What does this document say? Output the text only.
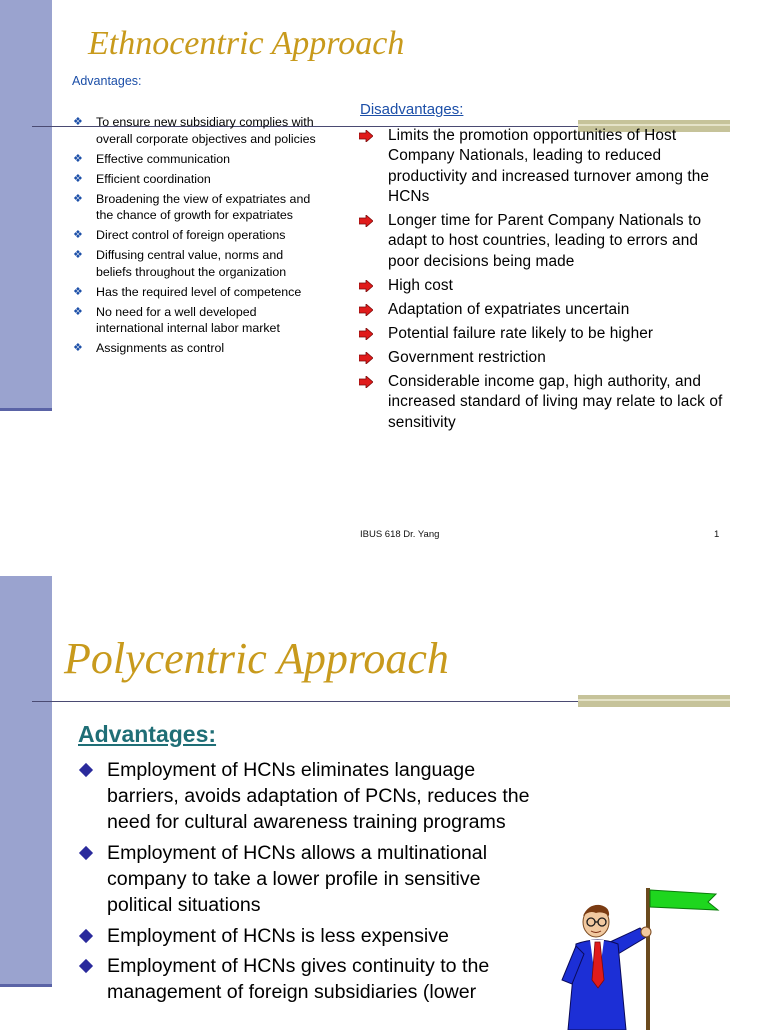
Ethnocentric Approach
Advantages:
❖ To ensure new subsidiary complies with overall corporate objectives and policies
❖ Effective communication
❖ Efficient coordination
❖ Broadening the view of expatriates and the chance of growth for expatriates
❖ Direct control of foreign operations
❖ Diffusing central value, norms and beliefs throughout the organization
❖ Has the required level of competence
❖ No need for a well developed international internal labor market
❖ Assignments as control
Disadvantages:
Limits the promotion opportunities of Host Company Nationals, leading to reduced productivity and increased turnover among the HCNs
Longer time for Parent Company Nationals to adapt to host countries, leading to errors and poor decisions being made
High cost
Adaptation of expatriates uncertain
Potential failure rate likely to be higher
Government restriction
Considerable income gap, high authority, and increased standard of living may relate to lack of sensitivity
IBUS 618 Dr. Yang	1
Polycentric Approach
Advantages:
Employment of HCNs eliminates language barriers, avoids adaptation of PCNs, reduces the need for cultural awareness training programs
Employment of HCNs allows a multinational company to take a lower profile in sensitive political situations
Employment of HCNs is less expensive
Employment of HCNs gives continuity to the management of foreign subsidiaries (lower
